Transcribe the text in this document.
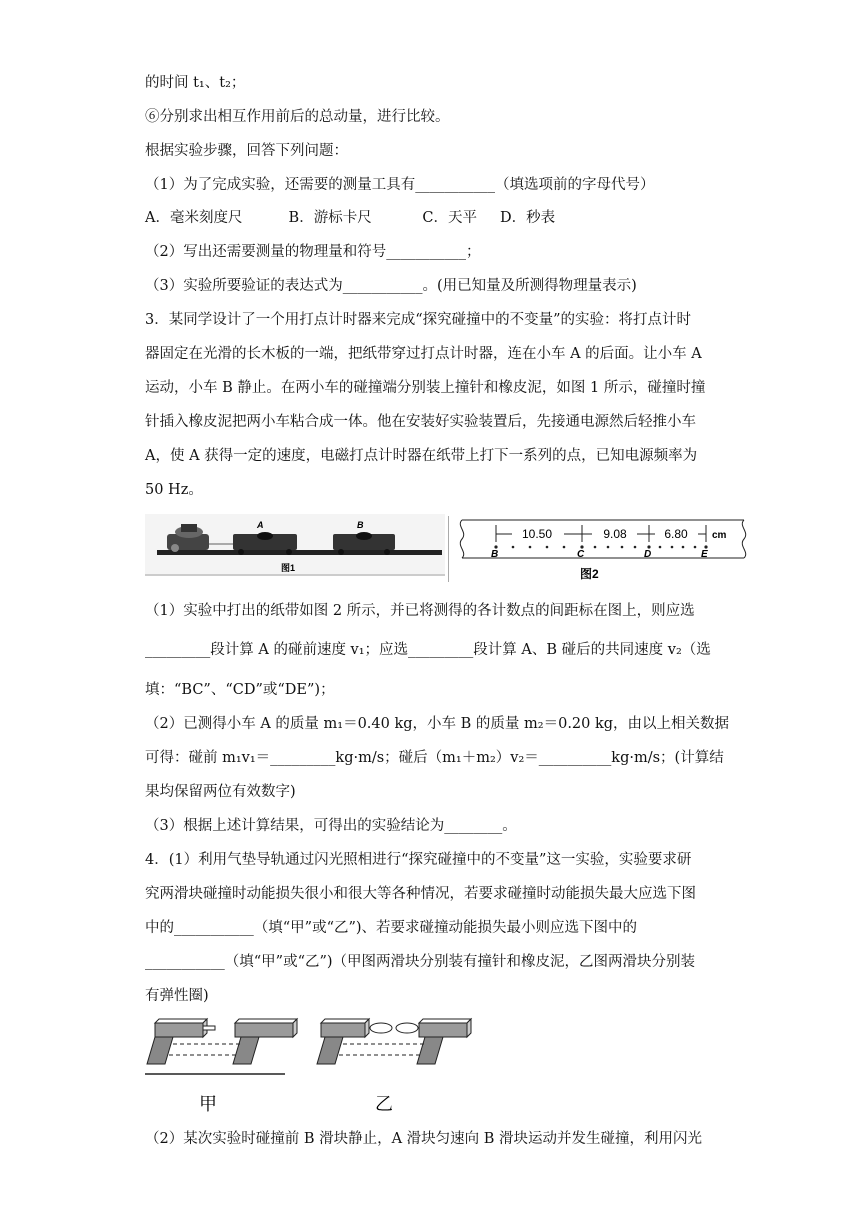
的时间 t₁、t₂；
⑥分别求出相互作用前后的总动量，进行比较。
根据实验步骤，回答下列问题：
（1）为了完成实验，还需要的测量工具有___________（填选项前的字母代号）
A．毫米刻度尺          B．游标卡尺           C．天平     D．秒表
（2）写出还需要测量的物理量和符号___________；
（3）实验所要验证的表达式为___________。(用已知量及所测得物理量表示)
3．某同学设计了一个用打点计时器来完成“探究碰撞中的不变量”的实验：将打点计时
器固定在光滑的长木板的一端，把纸带穿过打点计时器，连在小车 A 的后面。让小车 A
运动，小车 B 静止。在两小车的碰撞端分别装上撞针和橡皮泥，如图 1 所示，碰撞时撞
针插入橡皮泥把两小车粘合成一体。他在安装好实验装置后，先接通电源然后轻推小车
A，使 A 获得一定的速度，电磁打点计时器在纸带上打下一系列的点，已知电源频率为
50 Hz。
A	B
图1
10.50	9.08	6.80 cm
B	C	D	E
图2
（1）实验中打出的纸带如图 2 所示，并已将测得的各计数点的间距标在图上，则应选
_________段计算 A 的碰前速度 v₁；应选_________段计算 A、B 碰后的共同速度 v₂（选
填：“BC”、“CD”或“DE”)；
（2）已测得小车 A 的质量 m₁＝0.40 kg，小车 B 的质量 m₂＝0.20 kg，由以上相关数据
可得：碰前 m₁v₁＝_________kg·m/s；碰后（m₁＋m₂）v₂＝__________kg·m/s；(计算结
果均保留两位有效数字)
（3）根据上述计算结果，可得出的实验结论为________。
4．(1）利用气垫导轨通过闪光照相进行“探究碰撞中的不变量”这一实验，实验要求研
究两滑块碰撞时动能损失很小和很大等各种情况，若要求碰撞时动能损失最大应选下图
中的___________（填“甲”或“乙”)、若要求碰撞动能损失最小则应选下图中的
___________（填“甲”或“乙”)（甲图两滑块分别装有撞针和橡皮泥，乙图两滑块分别装
有弹性圈)
甲	乙
（2）某次实验时碰撞前 B 滑块静止，A 滑块匀速向 B 滑块运动并发生碰撞，利用闪光
